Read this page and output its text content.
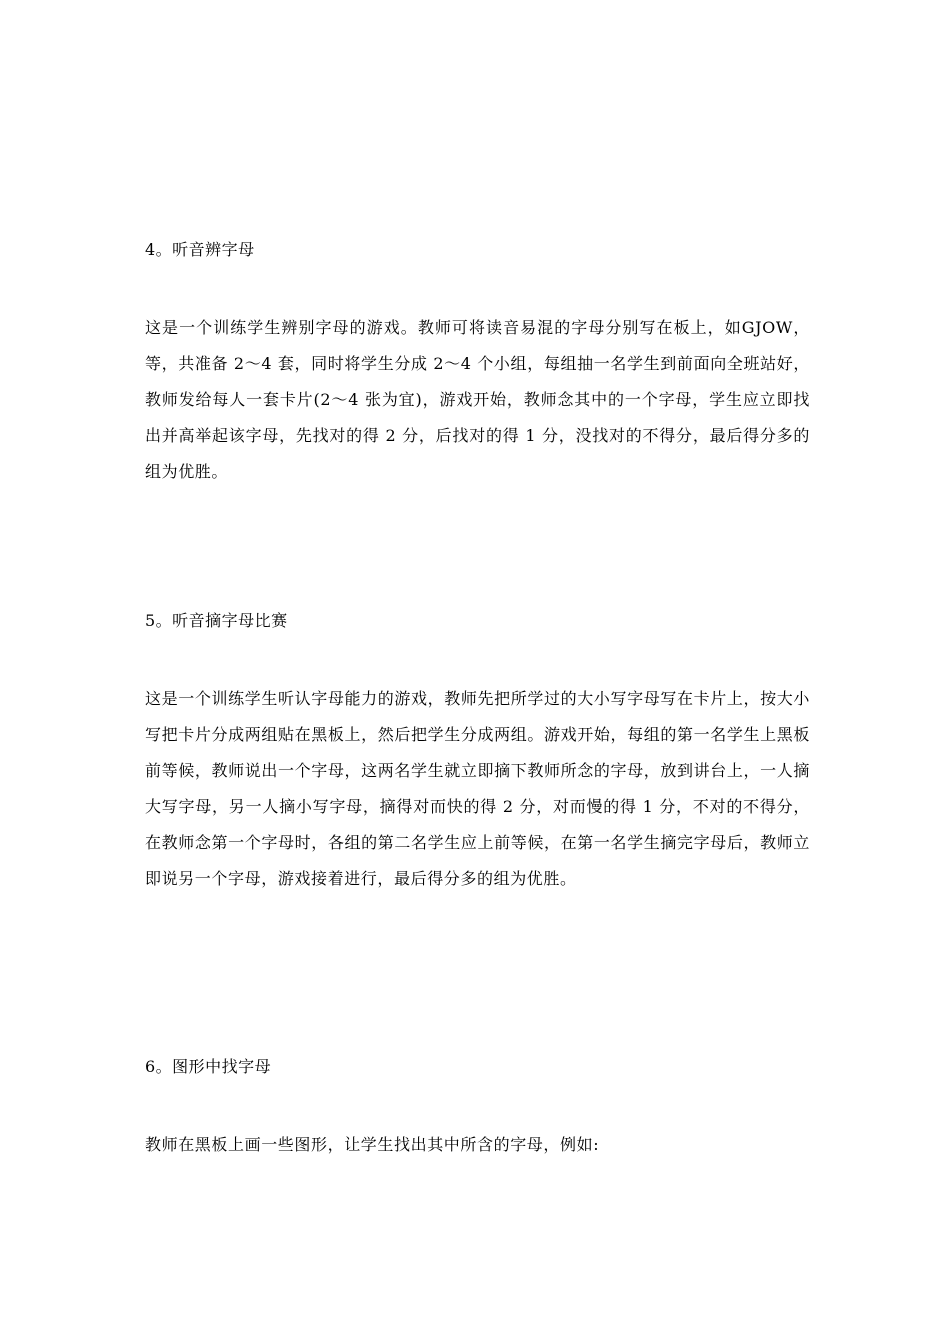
4。听音辨字母
这是一个训练学生辨别字母的游戏。教师可将读音易混的字母分别写在板上，如GJOW，等，共准备 2～4 套，同时将学生分成 2～4 个小组，每组抽一名学生到前面向全班站好，教师发给每人一套卡片(2～4 张为宜)，游戏开始，教师念其中的一个字母，学生应立即找出并高举起该字母，先找对的得 2 分，后找对的得 1 分，没找对的不得分，最后得分多的组为优胜。
5。听音摘字母比赛
这是一个训练学生听认字母能力的游戏，教师先把所学过的大小写字母写在卡片上，按大小写把卡片分成两组贴在黑板上，然后把学生分成两组。游戏开始，每组的第一名学生上黑板前等候，教师说出一个字母，这两名学生就立即摘下教师所念的字母，放到讲台上，一人摘大写字母，另一人摘小写字母，摘得对而快的得 2 分，对而慢的得 1 分，不对的不得分，在教师念第一个字母时，各组的第二名学生应上前等候，在第一名学生摘完字母后，教师立即说另一个字母，游戏接着进行，最后得分多的组为优胜。
6。图形中找字母
教师在黑板上画一些图形，让学生找出其中所含的字母，例如:
